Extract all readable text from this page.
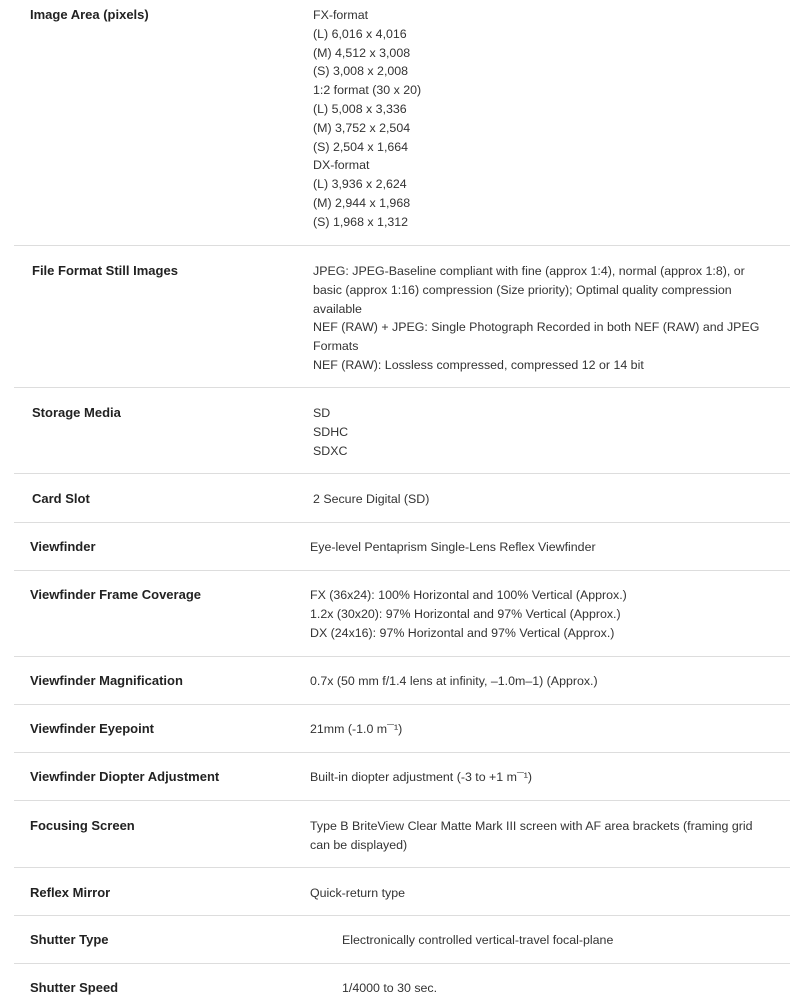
Image Area (pixels)	FX-format
(L) 6,016 x 4,016
(M) 4,512 x 3,008
(S) 3,008 x 2,008
1:2 format (30 x 20)
(L) 5,008 x 3,336
(M) 3,752 x 2,504
(S) 2,504 x 1,664
DX-format
(L) 3,936 x 2,624
(M) 2,944 x 1,968
(S) 1,968 x 1,312
File Format Still Images	JPEG: JPEG-Baseline compliant with fine (approx 1:4), normal (approx 1:8), or
basic (approx 1:16) compression (Size priority); Optimal quality compression
available
NEF (RAW) + JPEG: Single Photograph Recorded in both NEF (RAW) and JPEG
Formats
NEF (RAW): Lossless compressed, compressed 12 or 14 bit
Storage Media	SD
SDHC
SDXC
Card Slot	2 Secure Digital (SD)
Viewfinder	Eye-level Pentaprism Single-Lens Reflex Viewfinder
Viewfinder Frame Coverage	FX (36x24): 100% Horizontal and 100% Vertical (Approx.)
1.2x (30x20): 97% Horizontal and 97% Vertical (Approx.)
DX (24x16): 97% Horizontal and 97% Vertical (Approx.)
Viewfinder Magnification	0.7x (50 mm f/1.4 lens at infinity, –1.0m–1) (Approx.)
Viewfinder Eyepoint	21mm (-1.0 m¯¹)
Viewfinder Diopter Adjustment	Built-in diopter adjustment (-3 to +1 m¯¹)
Focusing Screen	Type B BriteView Clear Matte Mark III screen with AF area brackets (framing grid
can be displayed)
Reflex Mirror	Quick-return type
Shutter Type	Electronically controlled vertical-travel focal-plane
Shutter Speed	1/4000 to 30 sec.
